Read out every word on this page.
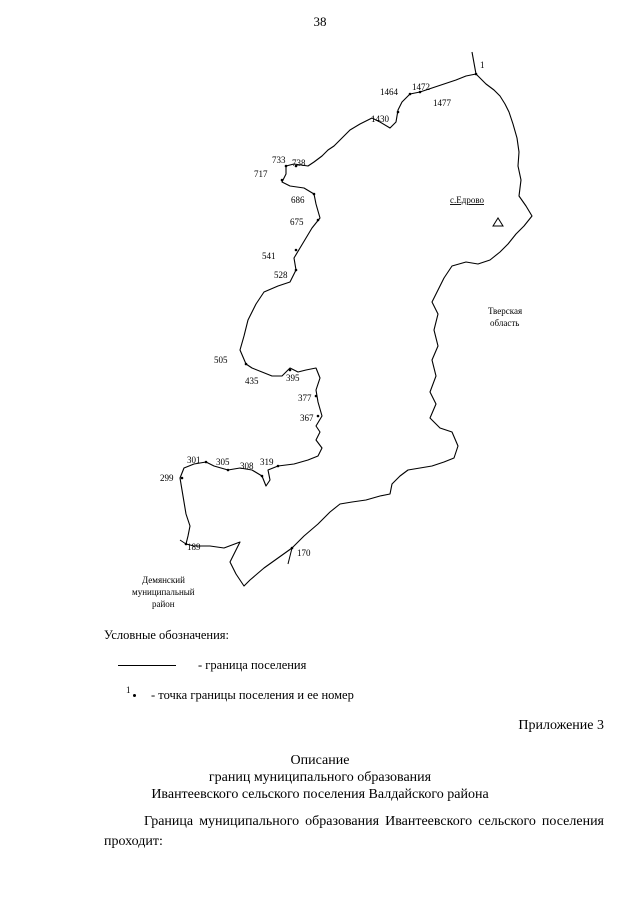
38
1
1464 1472
1477
1430
733 738
717
686
675
541
528
505
435	395
377
367
301 305 308 319
299
189
170
с.Едрово
Тверская
область
Демянский
муниципальный
район
Условные обозначения:
- граница поселения
1 - точка границы поселения и ее номер
Приложение 3
Описание
границ муниципального образования
Ивантеевского сельского поселения Валдайского района
Граница муниципального образования Ивантеевского сельского поселения проходит:
